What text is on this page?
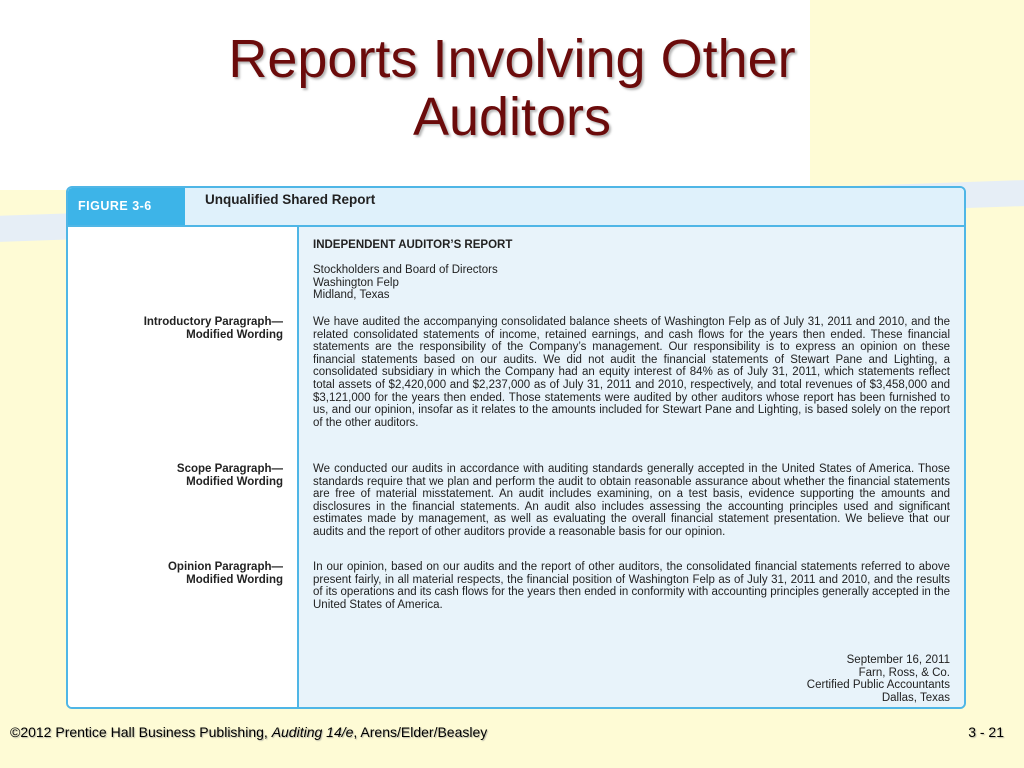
Reports Involving Other
Auditors
FIGURE 3-6	Unqualified Shared Report
Introductory Paragraph—
Modified Wording
Scope Paragraph—
Modified Wording
Opinion Paragraph—
Modified Wording
INDEPENDENT AUDITOR’S REPORT
Stockholders and Board of Directors
Washington Felp
Midland, Texas
We have audited the accompanying consolidated balance sheets of Washington Felp as of July 31, 2011 and 2010, and the related consolidated statements of income, retained earnings, and cash flows for the years then ended. These financial statements are the responsibility of the Company’s management. Our responsibility is to express an opinion on these financial statements based on our audits. We did not audit the financial statements of Stewart Pane and Lighting, a consolidated subsidiary in which the Company had an equity interest of 84% as of July 31, 2011, which statements reflect total assets of $2,420,000 and $2,237,000 as of July 31, 2011 and 2010, respectively, and total revenues of $3,458,000 and $3,121,000 for the years then ended. Those statements were audited by other auditors whose report has been furnished to us, and our opinion, insofar as it relates to the amounts included for Stewart Pane and Lighting, is based solely on the report of the other auditors.
We conducted our audits in accordance with auditing standards generally accepted in the United States of America. Those standards require that we plan and perform the audit to obtain reasonable assurance about whether the financial statements are free of material misstatement. An audit includes examining, on a test basis, evidence supporting the amounts and disclosures in the financial statements. An audit also includes assessing the accounting principles used and significant estimates made by management, as well as evaluating the overall financial statement presentation. We believe that our audits and the report of other auditors provide a reasonable basis for our opinion.
In our opinion, based on our audits and the report of other auditors, the consolidated financial statements referred to above present fairly, in all material respects, the financial position of Washington Felp as of July 31, 2011 and 2010, and the results of its operations and its cash flows for the years then ended in conformity with accounting principles generally accepted in the United States of America.
September 16, 2011
Farn, Ross, & Co.
Certified Public Accountants
Dallas, Texas
©2012 Prentice Hall Business Publishing, Auditing 14/e, Arens/Elder/Beasley	3 - 21
